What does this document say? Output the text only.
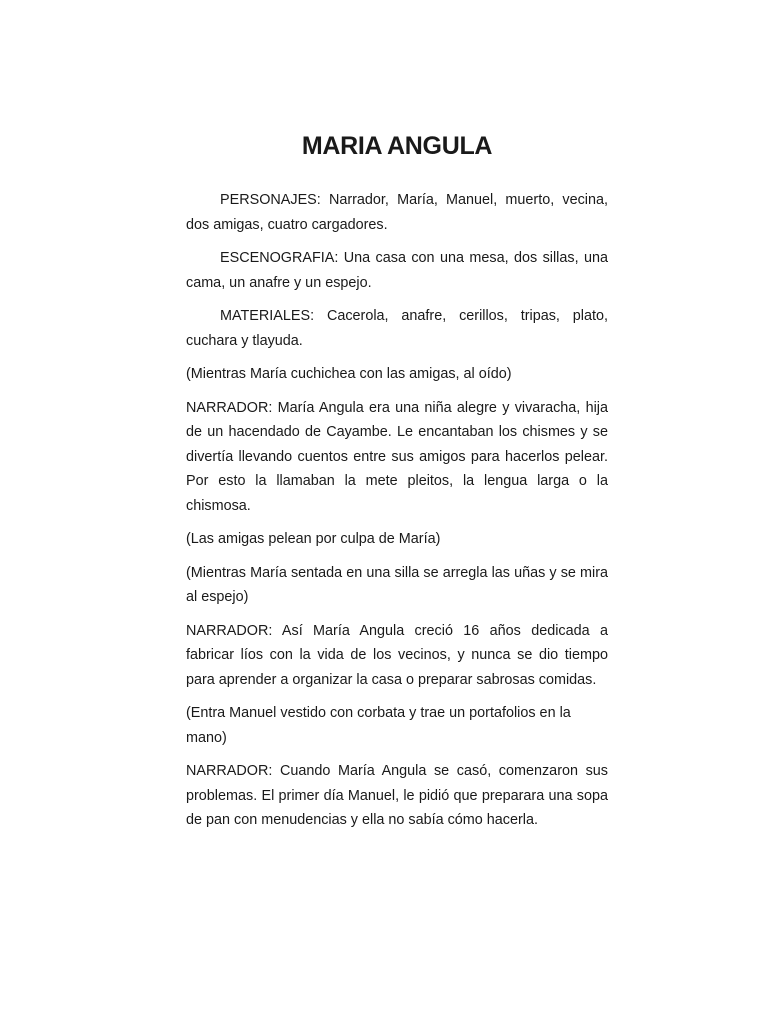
MARIA ANGULA

PERSONAJES: Narrador, María, Manuel, muerto, vecina, dos amigas, cuatro cargadores.

ESCENOGRAFIA: Una casa con una mesa, dos sillas, una cama, un anafre y un espejo.

MATERIALES: Cacerola, anafre, cerillos, tripas, plato, cuchara y tlayuda.

(Mientras María cuchichea con las amigas, al oído)

NARRADOR: María Angula era una niña alegre y vivaracha, hija de un hacendado de Cayambe. Le encantaban los chismes y se divertía llevando cuentos entre sus amigos para hacerlos pelear. Por esto la llamaban la mete pleitos, la lengua larga o la chismosa.

(Las amigas pelean por culpa de María)

(Mientras María sentada en una silla se arregla las uñas y se mira al espejo)

NARRADOR: Así María Angula creció 16 años dedicada a fabricar líos con la vida de los vecinos, y nunca se dio tiempo para aprender a organizar la casa o preparar sabrosas comidas.

(Entra Manuel vestido con corbata y trae un portafolios en la mano)

NARRADOR: Cuando María Angula se casó, comenzaron sus problemas. El primer día Manuel, le pidió que preparara una sopa de pan con menudencias y ella no sabía cómo hacerla.
